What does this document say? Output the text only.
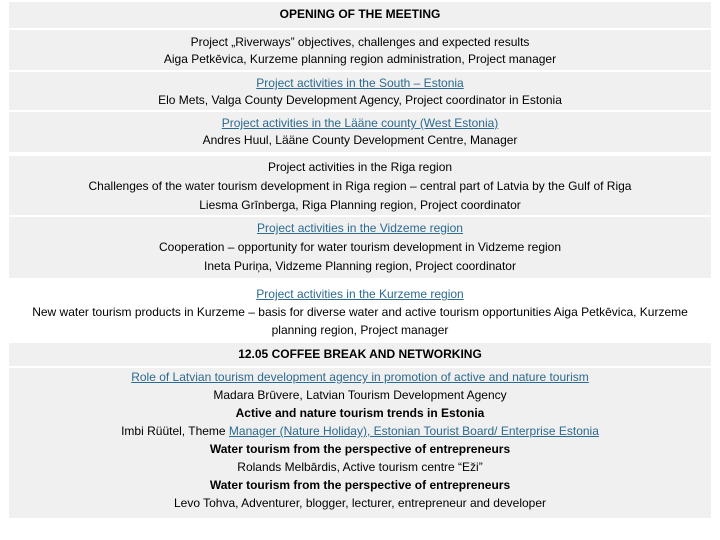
OPENING OF THE MEETING
Project „Riverways” objectives, challenges and expected results
Aiga Petkēvica, Kurzeme planning region administration, Project manager
Project activities in the South – Estonia
Elo Mets, Valga County Development Agency, Project coordinator in Estonia
Project activities in the Lääne county (West Estonia)
Andres Huul, Lääne County Development Centre, Manager
Project activities in the Riga region
Challenges of the water tourism development in Riga region – central part of Latvia by the Gulf of Riga
Liesma Grīnberga, Riga Planning region, Project coordinator
Project activities in the Vidzeme region
Cooperation – opportunity for water tourism development in Vidzeme region
Ineta Puriņa, Vidzeme Planning region, Project coordinator
Project activities in the Kurzeme region
New water tourism products in Kurzeme – basis for diverse water and active tourism opportunities Aiga Petkēvica, Kurzeme planning region, Project manager
12.05 COFFEE BREAK AND NETWORKING
Role of Latvian tourism development agency in promotion of active and nature tourism
Madara Brūvere, Latvian Tourism Development Agency
Active and nature tourism trends in Estonia
Imbi Rüütel, Theme Manager (Nature Holiday), Estonian Tourist Board/ Enterprise Estonia
Water tourism from the perspective of entrepreneurs
Rolands Melbārdis, Active tourism centre “Eži”
Water tourism from the perspective of entrepreneurs
Levo Tohva, Adventurer, blogger, lecturer, entrepreneur and developer
